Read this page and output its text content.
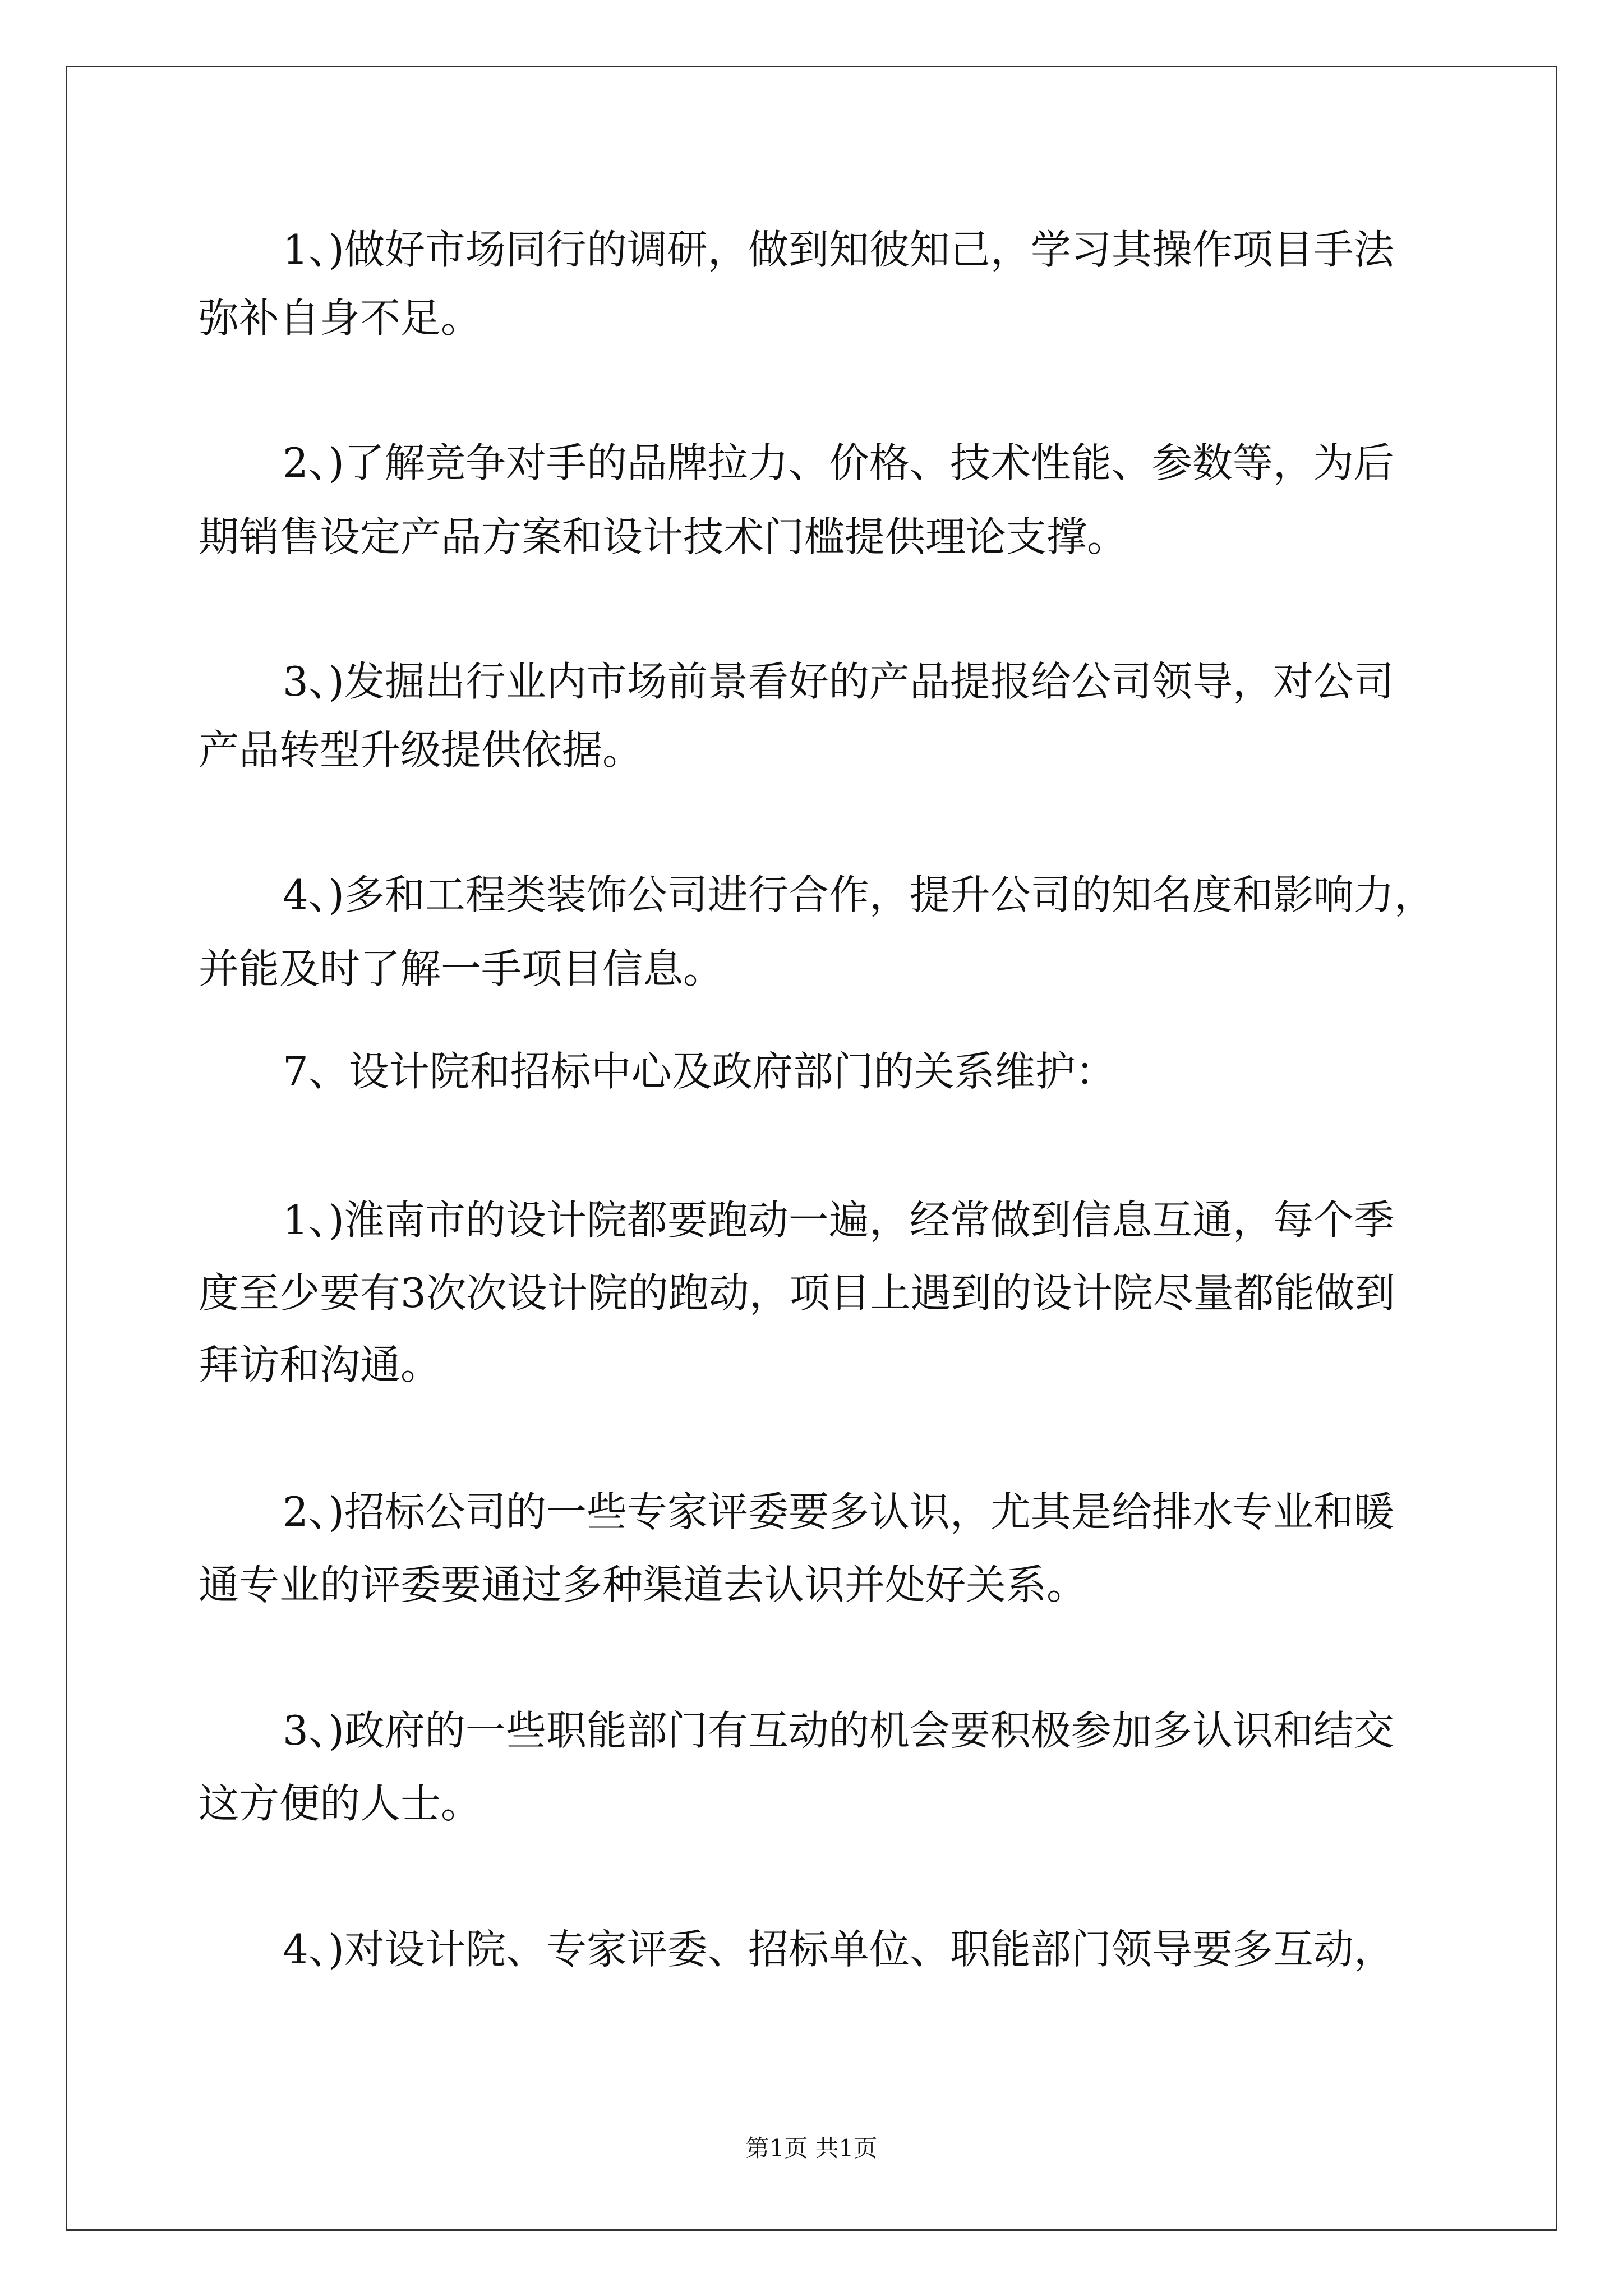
1、)做好市场同行的调研，做到知彼知己，学习其操作项目手法
弥补自身不足。
2、)了解竞争对手的品牌拉力、价格、技术性能、参数等，为后
期销售设定产品方案和设计技术门槛提供理论支撑。
3、)发掘出行业内市场前景看好的产品提报给公司领导，对公司
产品转型升级提供依据。
4、)多和工程类装饰公司进行合作，提升公司的知名度和影响力，
并能及时了解一手项目信息。
7、设计院和招标中心及政府部门的关系维护：
1、)淮南市的设计院都要跑动一遍，经常做到信息互通，每个季
度至少要有3次次设计院的跑动，项目上遇到的设计院尽量都能做到
拜访和沟通。
2、)招标公司的一些专家评委要多认识，尤其是给排水专业和暖
通专业的评委要通过多种渠道去认识并处好关系。
3、)政府的一些职能部门有互动的机会要积极参加多认识和结交
这方便的人士。
4、)对设计院、专家评委、招标单位、职能部门领导要多互动，
第1页 共1页
